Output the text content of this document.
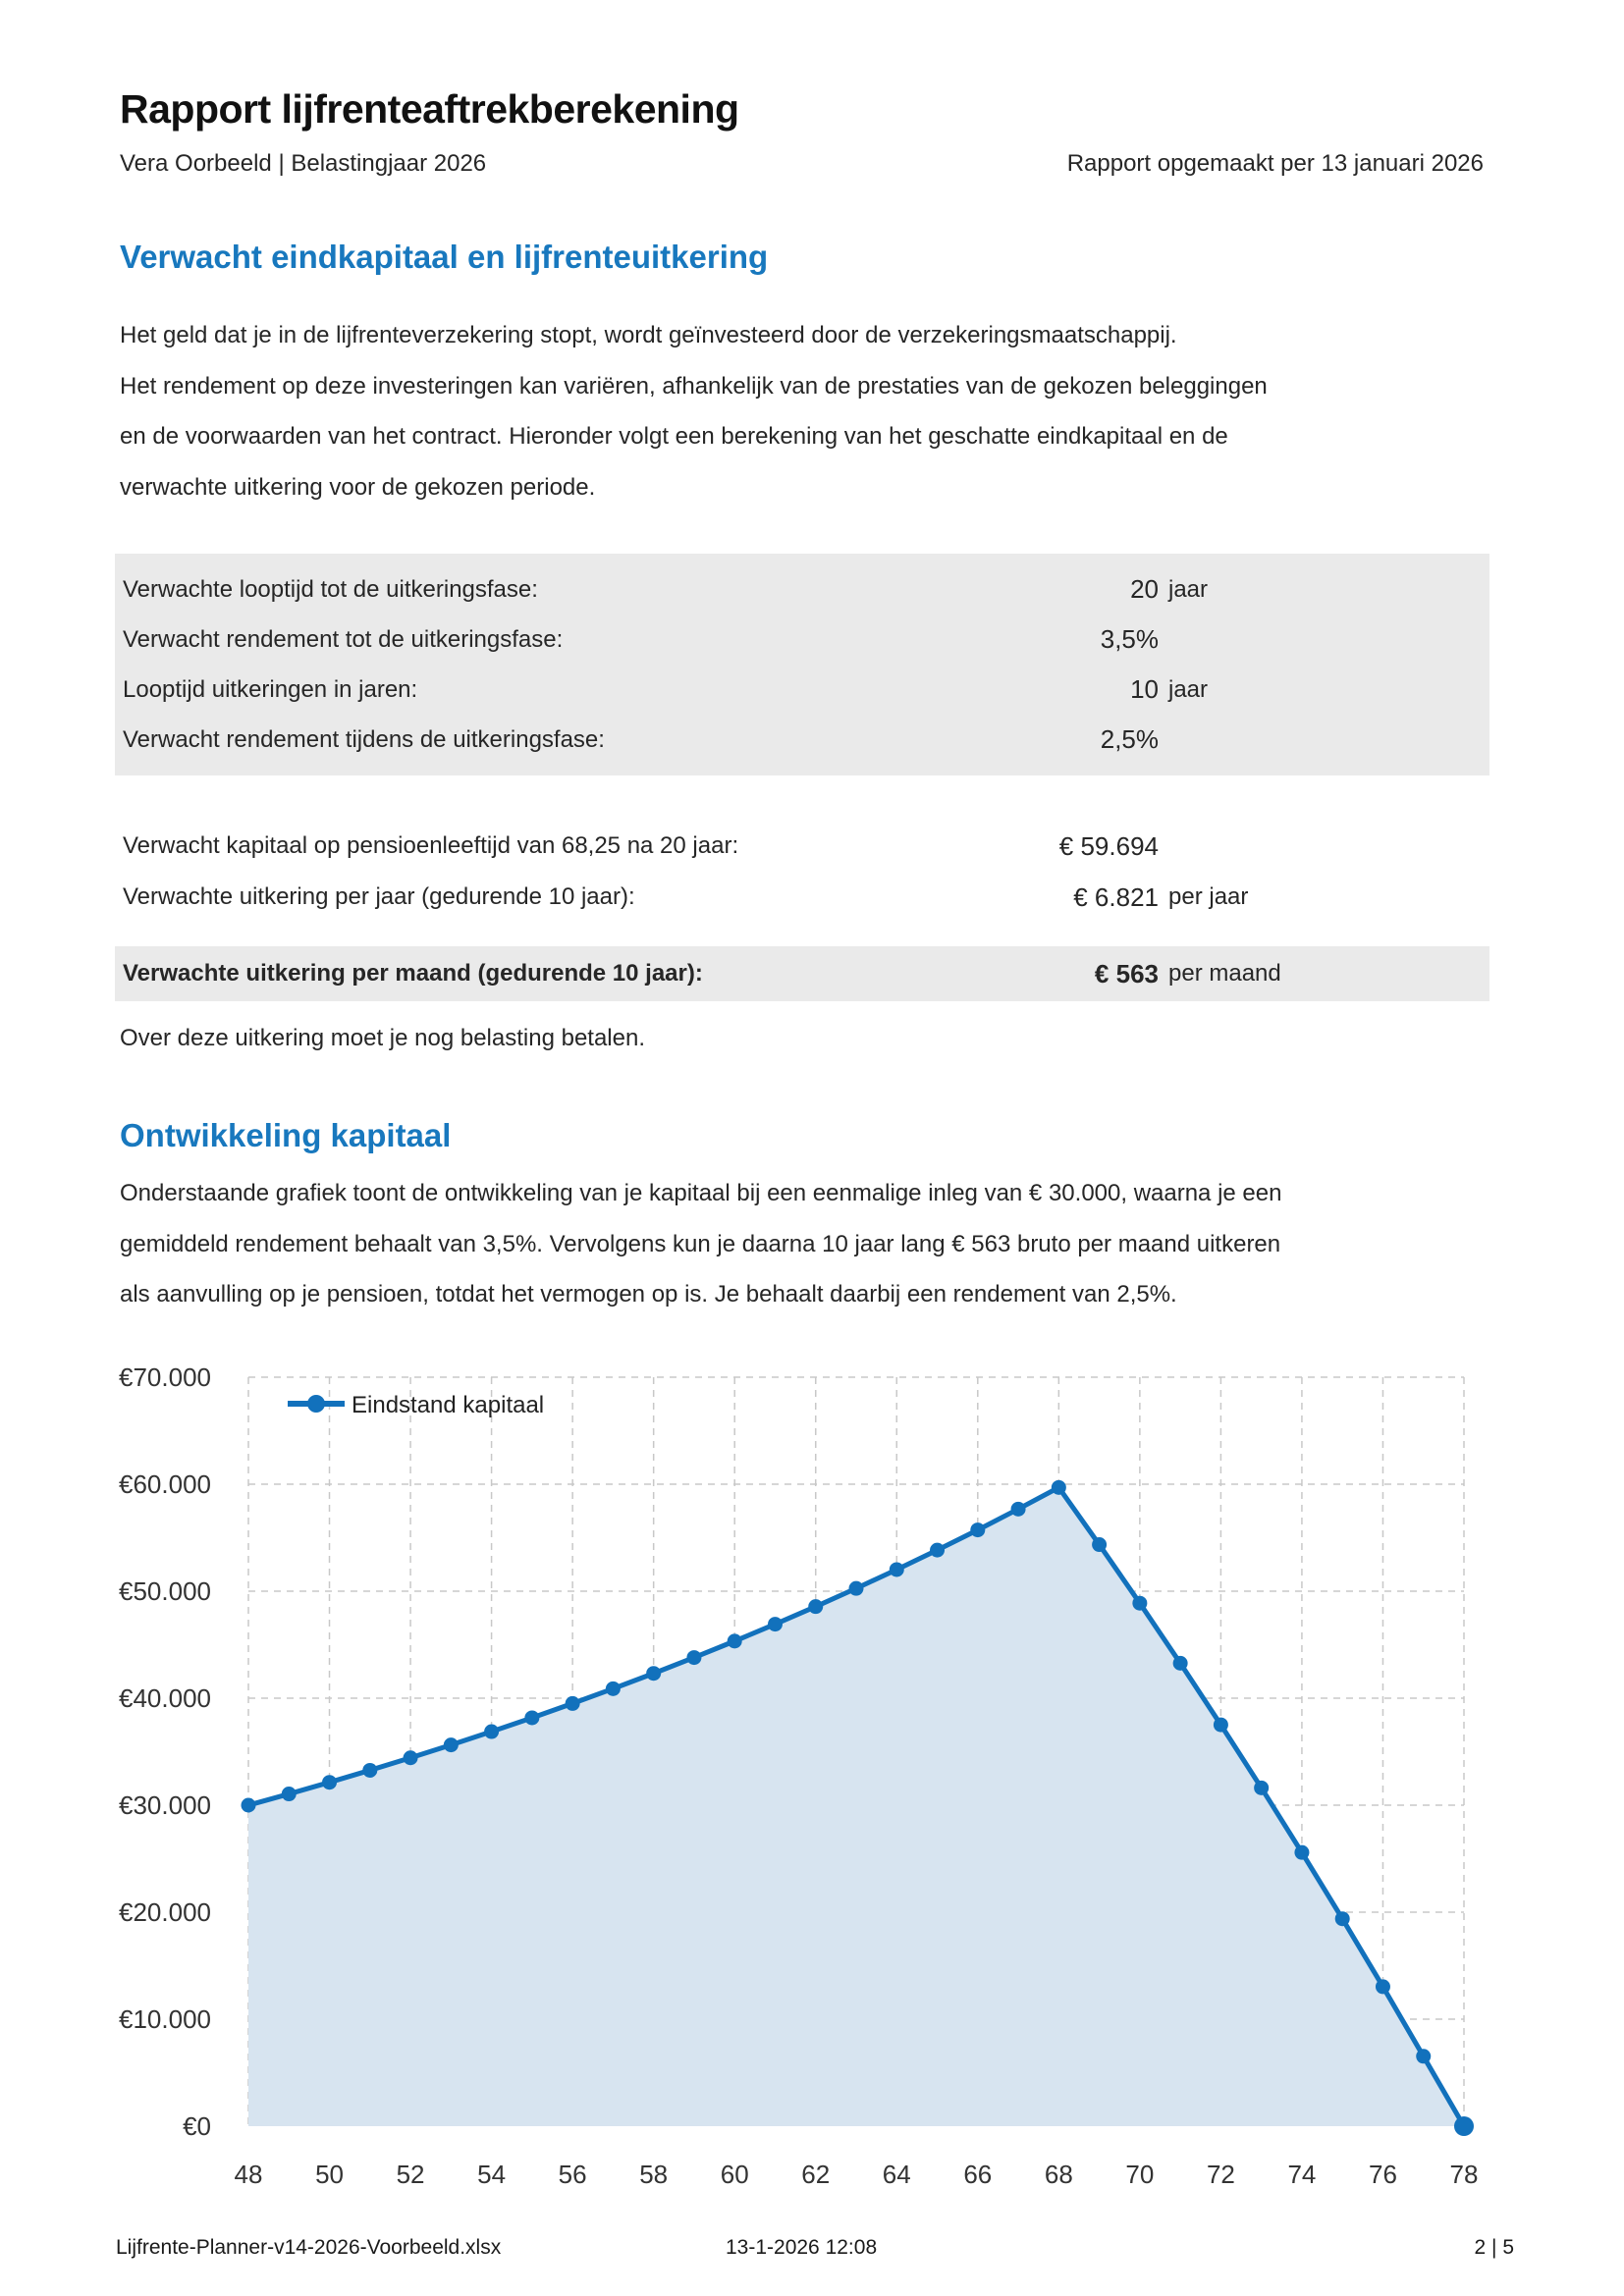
Rapport lijfrenteaftrekberekening
Vera Oorbeeld | Belastingjaar 2026	Rapport opgemaakt per 13 januari 2026
Verwacht eindkapitaal en lijfrenteuitkering
Het geld dat je in de lijfrenteverzekering stopt, wordt geïnvesteerd door de verzekeringsmaatschappij.
Het rendement op deze investeringen kan variëren, afhankelijk van de prestaties van de gekozen beleggingen
en de voorwaarden van het contract. Hieronder volgt een berekening van het geschatte eindkapitaal en de
verwachte uitkering voor de gekozen periode.
Verwachte looptijd tot de uitkeringsfase:	20 jaar
Verwacht rendement tot de uitkeringsfase:	3,5%
Looptijd uitkeringen in jaren:	10 jaar
Verwacht rendement tijdens de uitkeringsfase:	2,5%
Verwacht kapitaal op pensioenleeftijd van 68,25 na 20 jaar:	€ 59.694
Verwachte uitkering per jaar (gedurende 10 jaar):	€ 6.821 per jaar
Verwachte uitkering per maand (gedurende 10 jaar):	€ 563 per maand
Over deze uitkering moet je nog belasting betalen.
Ontwikkeling kapitaal
Onderstaande grafiek toont de ontwikkeling van je kapitaal bij een eenmalige inleg van € 30.000, waarna je een
gemiddeld rendement behaalt van 3,5%. Vervolgens kun je daarna 10 jaar lang € 563 bruto per maand uitkeren
als aanvulling op je pensioen, totdat het vermogen op is. Je behaalt daarbij een rendement van 2,5%.
€0
€10.000
€20.000
€30.000
€40.000
€50.000
€60.000
€70.000
48 50 52 54 56 58 60 62 64 66 68 70 72 74 76 78
Eindstand kapitaal
Lijfrente-Planner-v14-2026-Voorbeeld.xlsx	13-1-2026 12:08	2 | 5
